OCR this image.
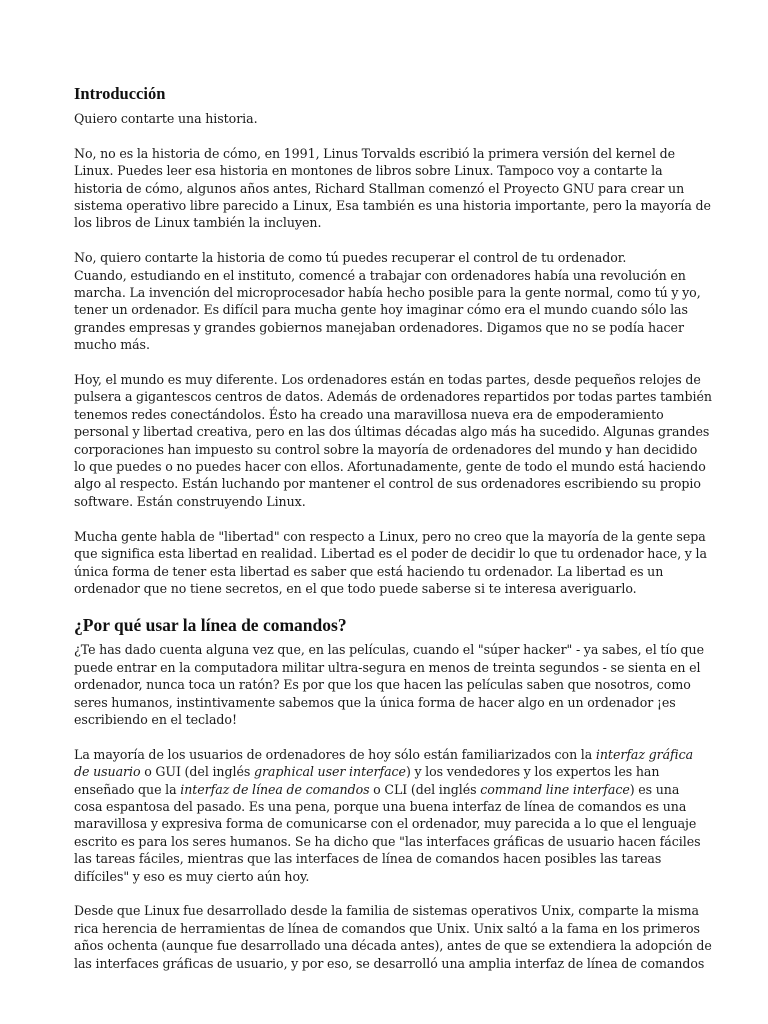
Introducción
Quiero contarte una historia.
No, no es la historia de cómo, en 1991, Linus Torvalds escribió la primera versión del kernel de
Linux. Puedes leer esa historia en montones de libros sobre Linux. Tampoco voy a contarte la
historia de cómo, algunos años antes, Richard Stallman comenzó el Proyecto GNU para crear un
sistema operativo libre parecido a Linux, Esa también es una historia importante, pero la mayoría de
los libros de Linux también la incluyen.
No, quiero contarte la historia de como tú puedes recuperar el control de tu ordenador.
Cuando, estudiando en el instituto, comencé a trabajar con ordenadores había una revolución en
marcha. La invención del microprocesador había hecho posible para la gente normal, como tú y yo,
tener un ordenador. Es difícil para mucha gente hoy imaginar cómo era el mundo cuando sólo las
grandes empresas y grandes gobiernos manejaban ordenadores. Digamos que no se podía hacer
mucho más.
Hoy, el mundo es muy diferente. Los ordenadores están en todas partes, desde pequeños relojes de
pulsera a gigantescos centros de datos. Además de ordenadores repartidos por todas partes también
tenemos redes conectándolos. Ésto ha creado una maravillosa nueva era de empoderamiento
personal y libertad creativa, pero en las dos últimas décadas algo más ha sucedido. Algunas grandes
corporaciones han impuesto su control sobre la mayoría de ordenadores del mundo y han decidido
lo que puedes o no puedes hacer con ellos. Afortunadamente, gente de todo el mundo está haciendo
algo al respecto. Están luchando por mantener el control de sus ordenadores escribiendo su propio
software. Están construyendo Linux.
Mucha gente habla de "libertad" con respecto a Linux, pero no creo que la mayoría de la gente sepa
que significa esta libertad en realidad. Libertad es el poder de decidir lo que tu ordenador hace, y la
única forma de tener esta libertad es saber que está haciendo tu ordenador. La libertad es un
ordenador que no tiene secretos, en el que todo puede saberse si te interesa averiguarlo.
¿Por qué usar la línea de comandos?
¿Te has dado cuenta alguna vez que, en las películas, cuando el "súper hacker" - ya sabes, el tío que
puede entrar en la computadora militar ultra-segura en menos de treinta segundos - se sienta en el
ordenador, nunca toca un ratón? Es por que los que hacen las películas saben que nosotros, como
seres humanos, instintivamente sabemos que la única forma de hacer algo en un ordenador ¡es
escribiendo en el teclado!
La mayoría de los usuarios de ordenadores de hoy sólo están familiarizados con la interfaz gráfica
de usuario o GUI (del inglés graphical user interface) y los vendedores y los expertos les han
enseñado que la interfaz de línea de comandos o CLI (del inglés command line interface) es una
cosa espantosa del pasado. Es una pena, porque una buena interfaz de línea de comandos es una
maravillosa y expresiva forma de comunicarse con el ordenador, muy parecida a lo que el lenguaje
escrito es para los seres humanos. Se ha dicho que "las interfaces gráficas de usuario hacen fáciles
las tareas fáciles, mientras que las interfaces de línea de comandos hacen posibles las tareas
difíciles" y eso es muy cierto aún hoy.
Desde que Linux fue desarrollado desde la familia de sistemas operativos Unix, comparte la misma
rica herencia de herramientas de línea de comandos que Unix. Unix saltó a la fama en los primeros
años ochenta (aunque fue desarrollado una década antes), antes de que se extendiera la adopción de
las interfaces gráficas de usuario, y por eso, se desarrolló una amplia interfaz de línea de comandos
